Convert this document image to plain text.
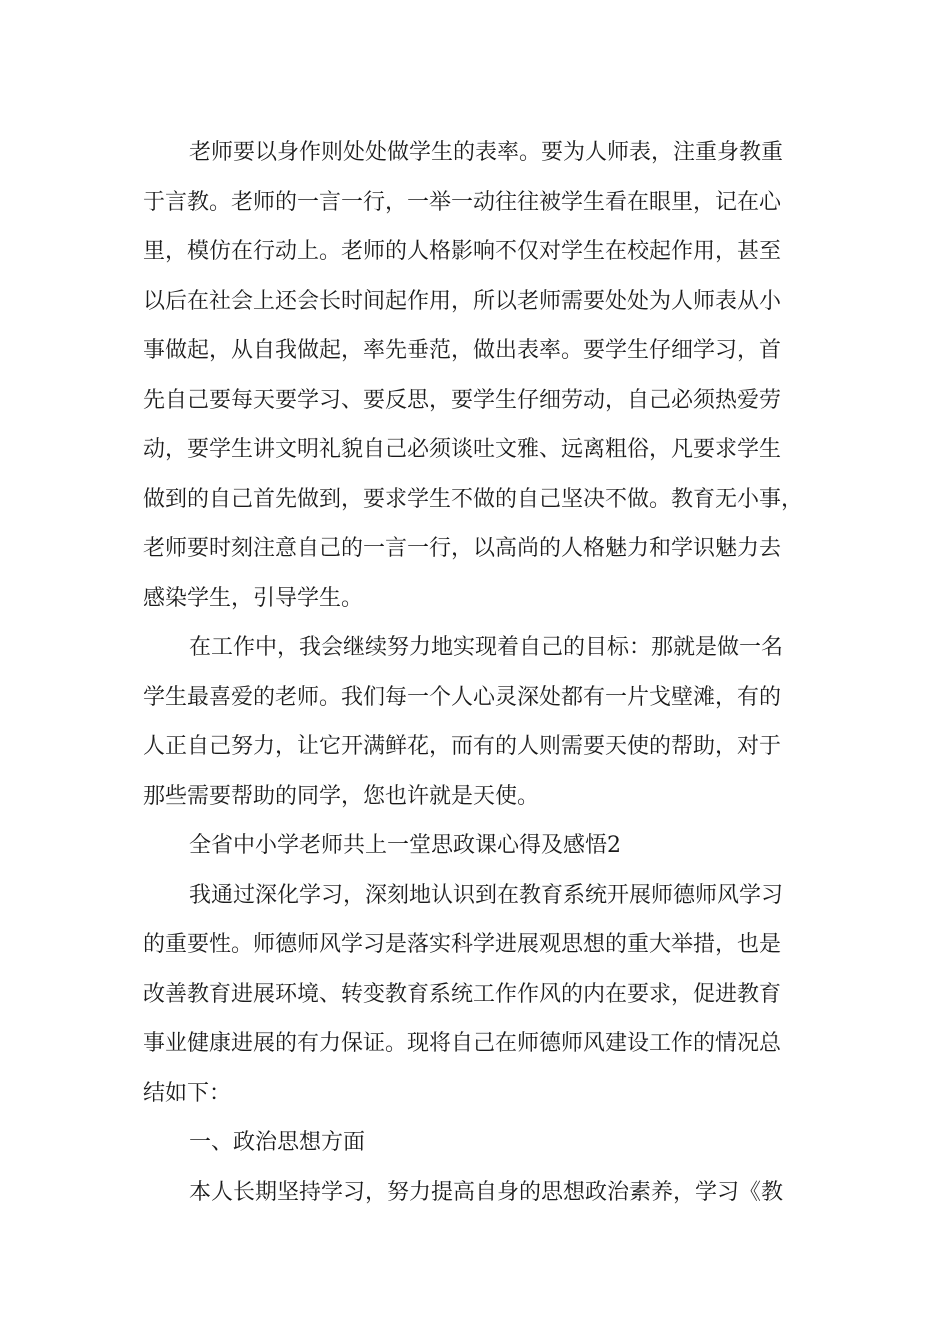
老师要以身作则处处做学生的表率。要为人师表，注重身教重
于言教。老师的一言一行，一举一动往往被学生看在眼里，记在心
里，模仿在行动上。老师的人格影响不仅对学生在校起作用，甚至
以后在社会上还会长时间起作用，所以老师需要处处为人师表从小
事做起，从自我做起，率先垂范，做出表率。要学生仔细学习，首
先自己要每天要学习、要反思，要学生仔细劳动，自己必须热爱劳
动，要学生讲文明礼貌自己必须谈吐文雅、远离粗俗，凡要求学生
做到的自己首先做到，要求学生不做的自己坚决不做。教育无小事，
老师要时刻注意自己的一言一行，以高尚的人格魅力和学识魅力去
感染学生，引导学生。
在工作中，我会继续努力地实现着自己的目标：那就是做一名
学生最喜爱的老师。我们每一个人心灵深处都有一片戈壁滩，有的
人正自己努力，让它开满鲜花，而有的人则需要天使的帮助，对于
那些需要帮助的同学，您也许就是天使。
全省中小学老师共上一堂思政课心得及感悟2
我通过深化学习，深刻地认识到在教育系统开展师德师风学习
的重要性。师德师风学习是落实科学进展观思想的重大举措，也是
改善教育进展环境、转变教育系统工作作风的内在要求，促进教育
事业健康进展的有力保证。现将自己在师德师风建设工作的情况总
结如下：
一、政治思想方面
本人长期坚持学习，努力提高自身的思想政治素养，学习《教
